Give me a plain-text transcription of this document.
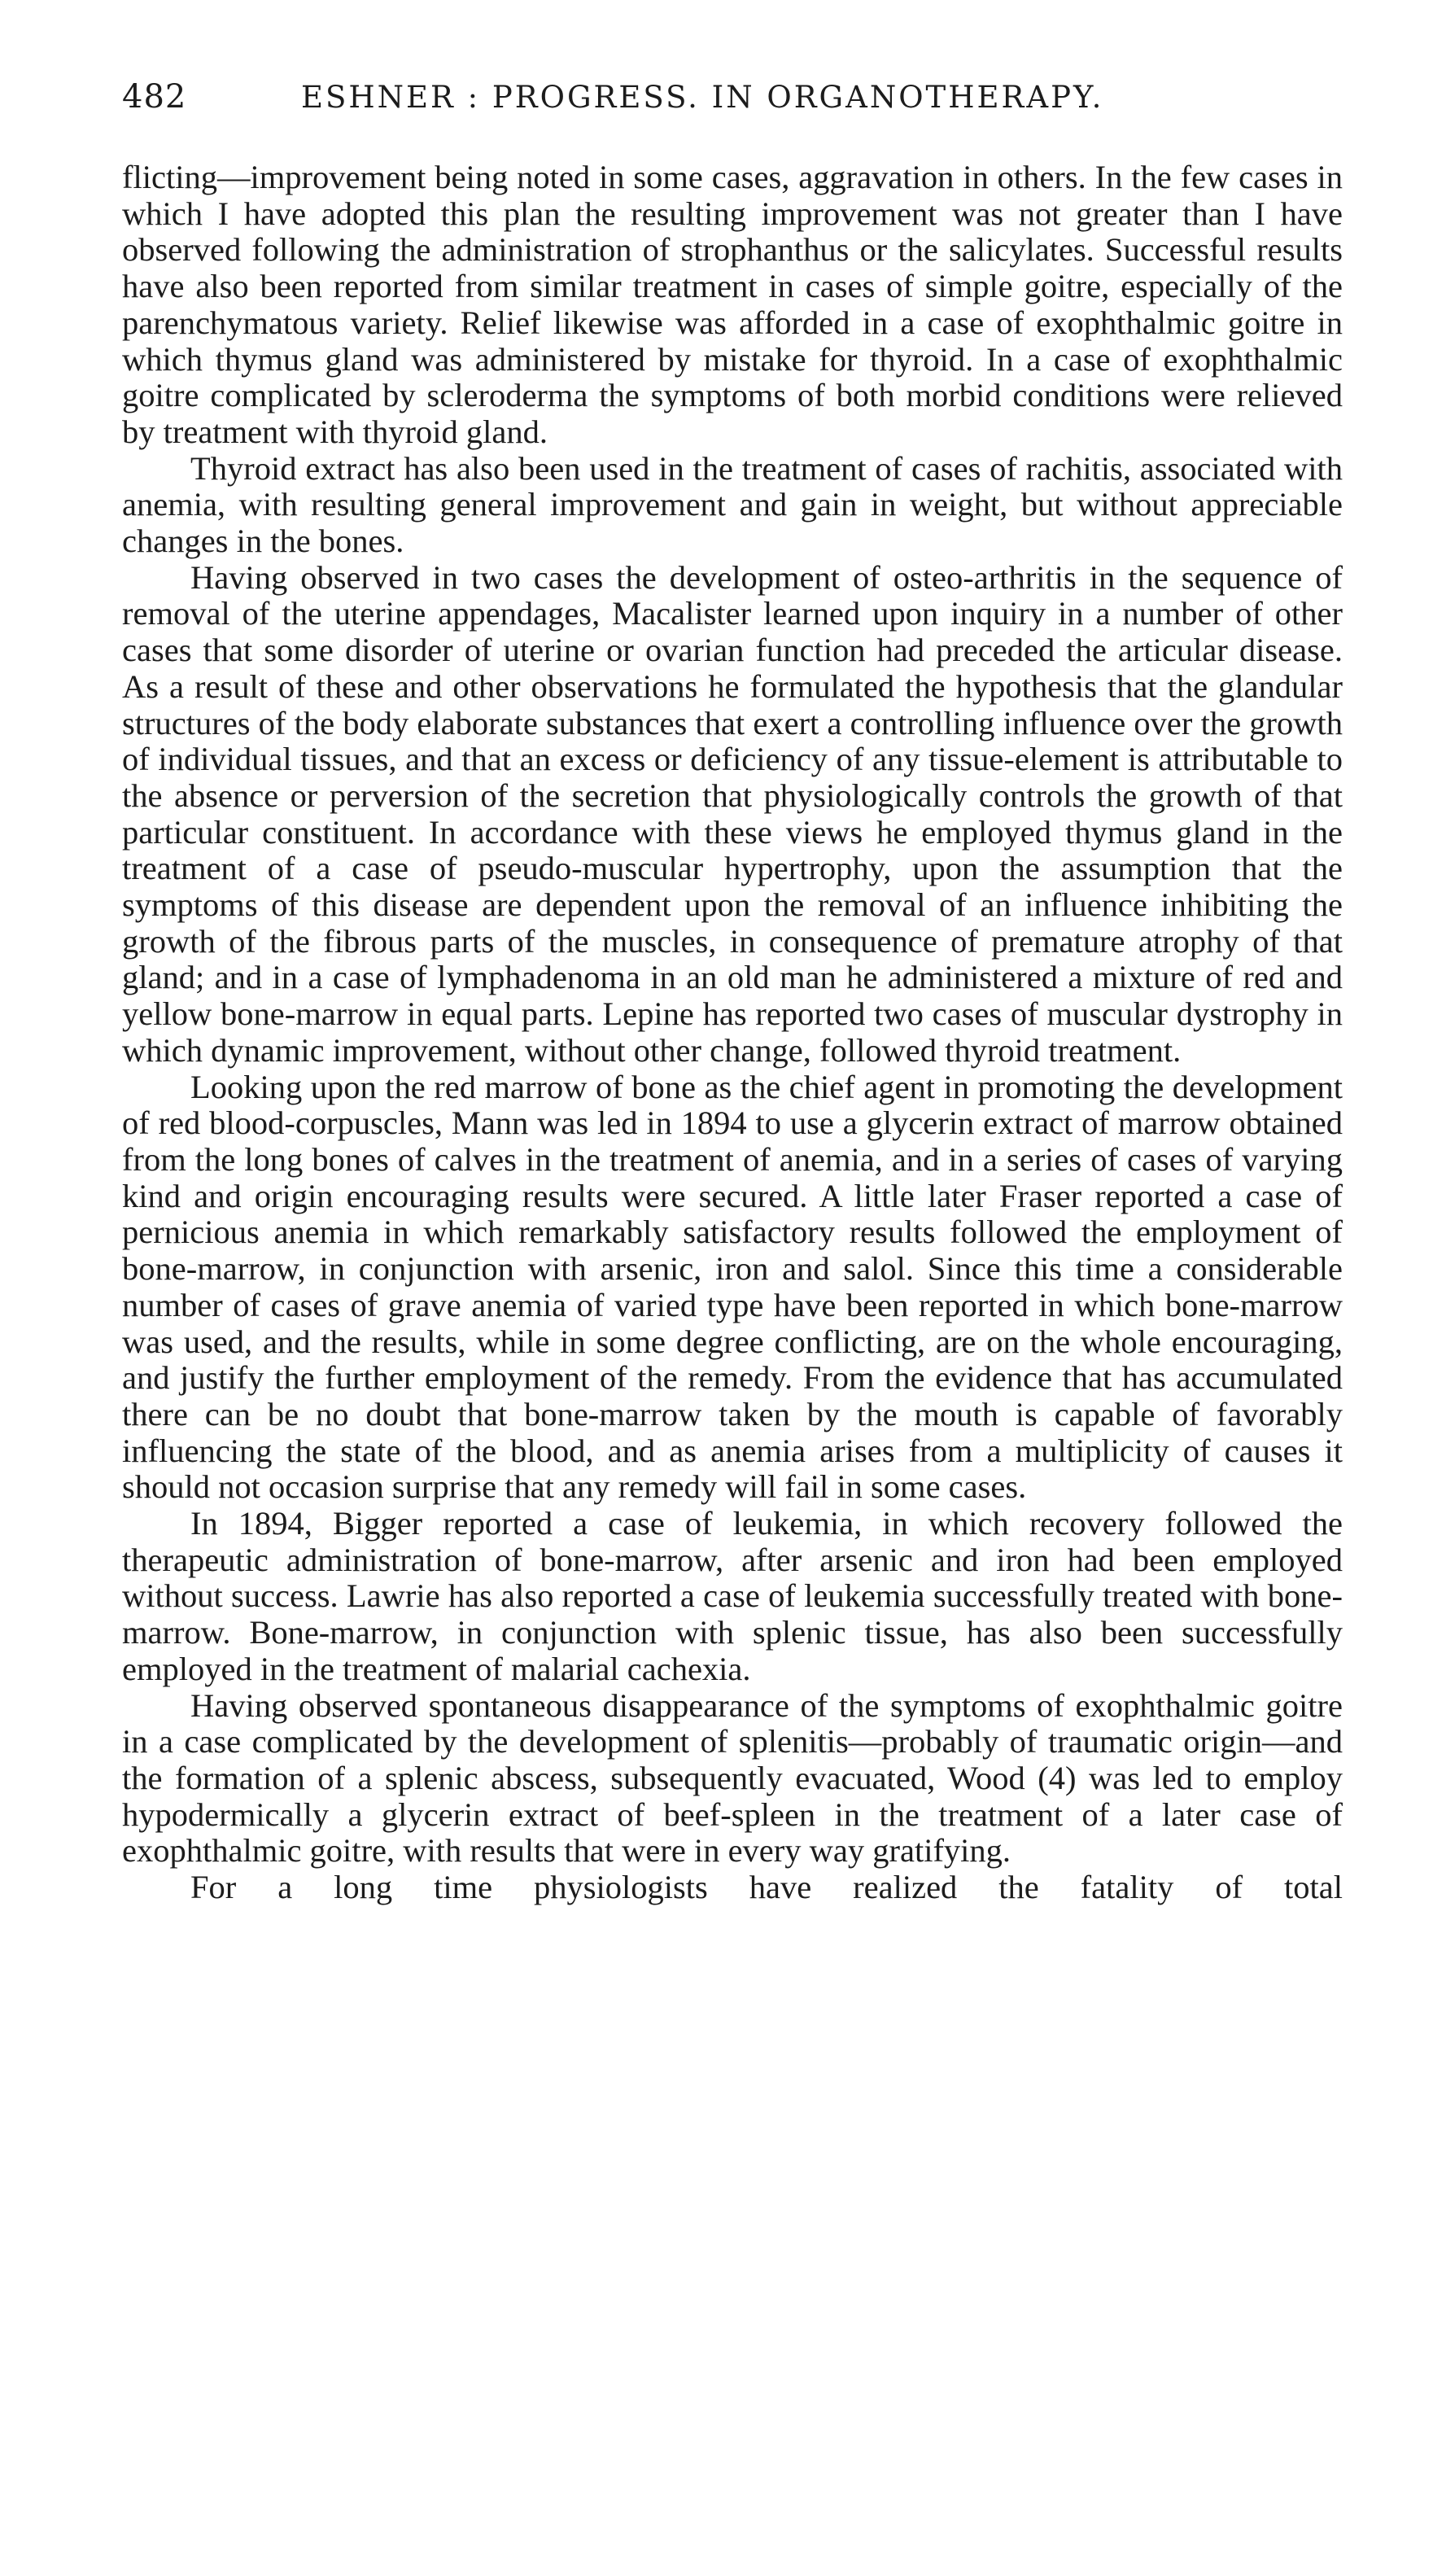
482	ESHNER : PROGRESS. IN ORGANOTHERAPY.

flicting—improvement being noted in some cases, aggravation in others. In the few cases in which I have adopted this plan the resulting improvement was not greater than I have observed following the administration of strophanthus or the salicylates. Successful results have also been reported from similar treatment in cases of simple goitre, especially of the parenchymatous variety. Relief likewise was afforded in a case of exophthalmic goitre in which thymus gland was administered by mistake for thyroid. In a case of exophthalmic goitre complicated by scleroderma the symptoms of both morbid conditions were relieved by treatment with thyroid gland.

Thyroid extract has also been used in the treatment of cases of rachitis, associated with anemia, with resulting general improvement and gain in weight, but without appreciable changes in the bones.

Having observed in two cases the development of osteo-arthritis in the sequence of removal of the uterine appendages, Macalister learned upon inquiry in a number of other cases that some disorder of uterine or ovarian function had preceded the articular disease. As a result of these and other observations he formulated the hypothesis that the glandular structures of the body elaborate substances that exert a controlling influence over the growth of individual tissues, and that an excess or deficiency of any tissue-element is attributable to the absence or perversion of the secretion that physiologically controls the growth of that particular constituent. In accordance with these views he employed thymus gland in the treatment of a case of pseudo-muscular hypertrophy, upon the assumption that the symptoms of this disease are dependent upon the removal of an influence inhibiting the growth of the fibrous parts of the muscles, in consequence of premature atrophy of that gland; and in a case of lymphadenoma in an old man he administered a mixture of red and yellow bone-marrow in equal parts. Lepine has reported two cases of muscular dystrophy in which dynamic improvement, without other change, followed thyroid treatment.

Looking upon the red marrow of bone as the chief agent in promoting the development of red blood-corpuscles, Mann was led in 1894 to use a glycerin extract of marrow obtained from the long bones of calves in the treatment of anemia, and in a series of cases of varying kind and origin encouraging results were secured. A little later Fraser reported a case of pernicious anemia in which remarkably satisfactory results followed the employment of bone-marrow, in conjunction with arsenic, iron and salol. Since this time a considerable number of cases of grave anemia of varied type have been reported in which bone-marrow was used, and the results, while in some degree conflicting, are on the whole encouraging, and justify the further employment of the remedy. From the evidence that has accumulated there can be no doubt that bone-marrow taken by the mouth is capable of favorably influencing the state of the blood, and as anemia arises from a multiplicity of causes it should not occasion surprise that any remedy will fail in some cases.

In 1894, Bigger reported a case of leukemia, in which recovery followed the therapeutic administration of bone-marrow, after arsenic and iron had been employed without success. Lawrie has also reported a case of leukemia successfully treated with bone-marrow. Bone-marrow, in conjunction with splenic tissue, has also been successfully employed in the treatment of malarial cachexia.

Having observed spontaneous disappearance of the symptoms of exophthalmic goitre in a case complicated by the development of splenitis—probably of traumatic origin—and the formation of a splenic abscess, subsequently evacuated, Wood (4) was led to employ hypodermically a glycerin extract of beef-spleen in the treatment of a later case of exophthalmic goitre, with results that were in every way gratifying.

For a long time physiologists have realized the fatality of total
